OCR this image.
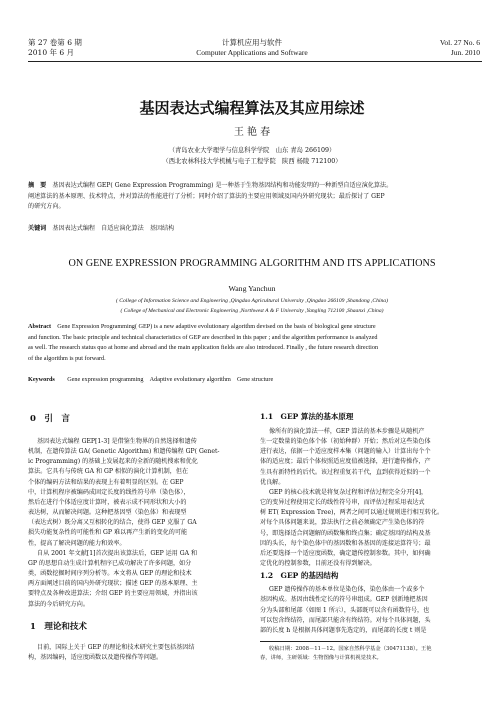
第 27 卷第 6 期
2010 年 6 月
计算机应用与软件
Computer Applications and Software
Vol. 27 No. 6
Jun. 2010
基因表达式编程算法及其应用综述
王 艳 春
（青岛农业大学理学与信息科学学院　山东 青岛 266109）
（西北农林科技大学机械与电子工程学院　陕西 杨陵 712100）
摘　要　 基因表达式编程 GEP( Gene Expression Programming) 是一种基于生物基因结构和功能发明的一种新型自适应演化算法。
阐述算法的基本原理、技术特点，并对算法的性能进行了分析；同时介绍了算法的主要应用领域及国内外研究现状；最后探讨了 GEP
的研究方向。
关键词　 基因表达式编程　自适应演化算法　基因结构
ON GENE EXPRESSION PROGRAMMING ALGORITHM AND ITS APPLICATIONS
Wang Yanchun
( College of Information Science and Engineering ,Qingdao Agricultural University ,Qingdao 266109 ,Shandong ,China)
( College of Mechanical and Electronic Engineering ,Northwest A & F University ,Yangling 712100 ,Shaanxi ,China)
Abstract　 Gene Expression Programming( GEP) is a new adaptive evolutionary algorithm devised on the basis of biological gene structure
and function. The basic principle and technical characteristics of GEP are described in this paper ; and the algorithm performance is analyzed
as well. The research status quo at home and abroad and the main application fields are also introduced. Finally , the future research direction
of the algorithm is put forward.
Keywords　　 Gene expression programming　Adaptive evolutionary algorithm　Gene structure
0　引　言
基因表达式编程 GEP[1-3] 是借鉴生物界的自然选择和遗传
机制，在遗传算法 GA( Genetic Algorithm) 和遗传编程 GP( Genet-
ic Programming) 的基础上发展起来的全新的随机搜索和优化
算法。它具有与传统 GA 和 GP 相似的演化计算机制，但在
个体的编码方法和结果的表现上有着明显的区别。在 GEP
中，计算机程序被编码成固定长度的线性符号串（染色体），
然后在进行个体适应度计算时，被表示成不同形状和大小的
表达树，从而解决问题。这种把基因型（染色体）和表现型
（表达式树）既分离又互相转化的结合，使得 GEP 克服了 GA
损失功能复杂性的可能性和 GP 难以再产生新的变化的可能
性，提高了解决问题的能力和效率。
自从 2001 年文献[1]首次提出该算法后，GEP 运用 GA 和
GP 的思想自动生成计算机程序已成功解决了许多问题，如分
类，函数挖掘时间序列分析等。本文将从 GEP 的理论和技术
两方面阐述目前的国内外研究现状；描述 GEP 的基本原理、主
要特点及各种改进算法；介绍 GEP 的主要应用领域，并指出该
算法的今后研究方向。
1　理论和技术
目前，国际上关于 GEP 的理论和技术研究主要包括基因结
构，基因编码，适应度函数以及遗传操作等问题。
1.1　GEP 算法的基本原理
像所有的演化算法一样，GEP 算法的基本步骤是从随机产
生一定数量的染色体个体（初始种群）开始；然后对这些染色体
进行表达，依据一个适应度样本集（问题的输入）计算出每个个
体的适应度；最后个体按照适应度值被选择，进行遗传操作，产
生具有新特性的后代。该过程重复若干代，直到获得近似的一个
优良解。
GEP 的核心技术就是将复杂过程和评估过程完全分开[4]，
它的变异过程使用定长的线性符号串，而评估过程采用表达式
树 ET( Expression Tree)，两者之间可以通过规则进行相互转化。
对每个具体问题来说，算法执行之前必须确定产生染色体的符
号，即选择适合问题解的函数集和终点集；确定基因的结构及基
因的头长，每个染色体中的基因数和各基因的连接运算符号；最
后还要选择一个适应度函数，确定遗传控制参数。其中，如何确
定优化的控制参数，目前还没有得到解决。
1.2　GEP 的基因结构
GEP 遗传操作的基本单位是染色体，染色体由一个或多个
基因构成。基因由线性定长的符号串组成。GEP 创新地把基因
分为头部和尾部（如图 1 所示），头部既可以含有函数符号，也
可以包含终结符，而尾部只能含有终结符。对每个具体问题，头
部的长度 h 是根据具体问题事先选定的，而尾部的长度 t 则是
收稿日期：2008－11－12。国家自然科学基金（30471138）。王艳
春，讲师，主研领域：生物图像与计算机视觉技术。
